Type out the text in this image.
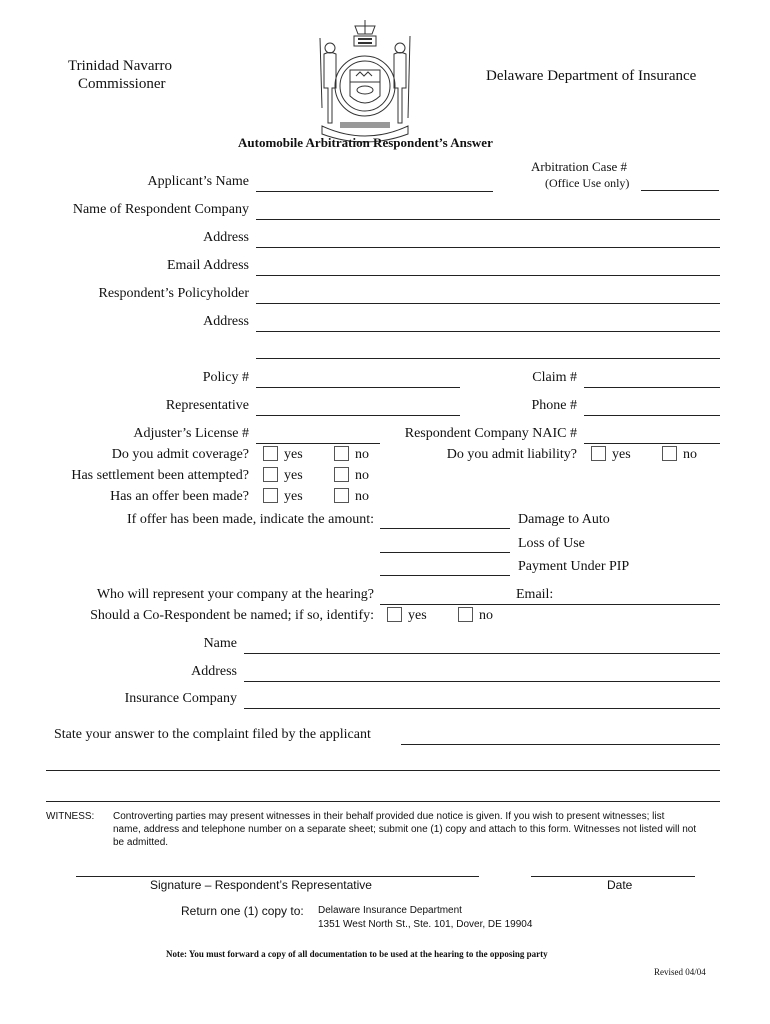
Trinidad Navarro
Commissioner	Delaware Department of Insurance
Automobile Arbitration Respondent’s Answer
Arbitration Case #
(Office Use only)
Applicant’s Name
Name of Respondent Company
Address
Email Address
Respondent’s Policyholder
Address
Policy #	Claim #
Representative	Phone #
Adjuster’s License #	Respondent Company NAIC #
Do you admit coverage?	yes	no	Do you admit liability?	yes	no
Has settlement been attempted?	yes	no
Has an offer been made?	yes	no
If offer has been made, indicate the amount:	Damage to Auto
Loss of Use
Payment Under PIP
Who will represent your company at the hearing?	Email:
Should a Co-Respondent be named; if so, identify: yes	no
Name
Address
Insurance Company
State your answer to the complaint filed by the applicant
WITNESS: Controverting parties may present witnesses in their behalf provided due notice is given. If you wish to present witnesses; list
name, address and telephone number on a separate sheet; submit one (1) copy and attach to this form. Witnesses not listed will not
be admitted.
Signature – Respondent’s Representative	Date
Return one (1) copy to: Delaware Insurance Department
1351 West North St., Ste. 101, Dover, DE 19904
Note: You must forward a copy of all documentation to be used at the hearing to the opposing party
Revised 04/04
